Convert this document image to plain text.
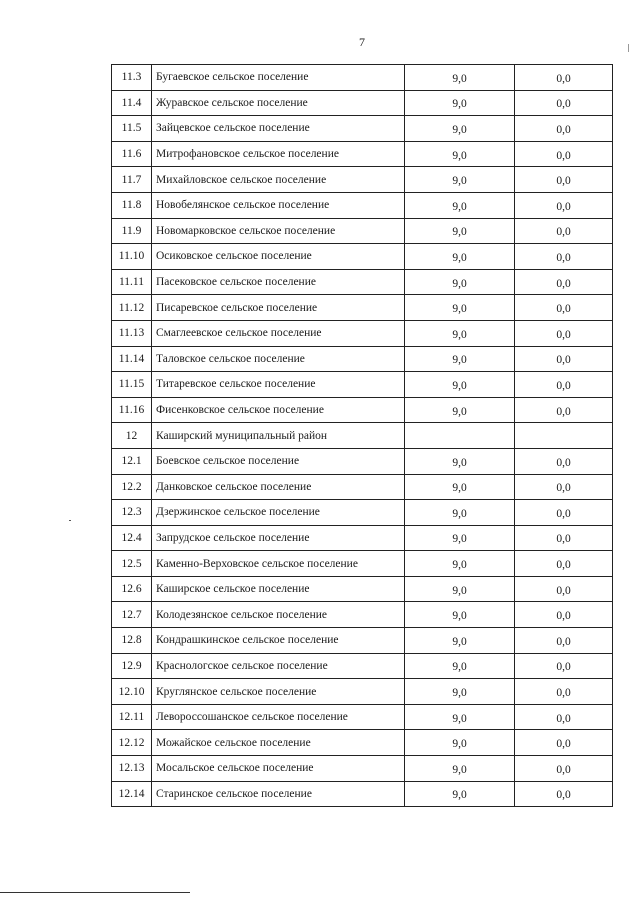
7
11.3	Бугаевское сельское поселение	9,0	0,0
11.4	Журавское сельское поселение	9,0	0,0
11.5	Зайцевское сельское поселение	9,0	0,0
11.6	Митрофановское сельское поселение	9,0	0,0
11.7	Михайловское сельское поселение	9,0	0,0
11.8	Новобелянское сельское поселение	9,0	0,0
11.9	Новомарковское сельское поселение	9,0	0,0
11.10	Осиковское сельское поселение	9,0	0,0
11.11	Пасековское сельское поселение	9,0	0,0
11.12	Писаревское сельское поселение	9,0	0,0
11.13	Смаглеевское сельское поселение	9,0	0,0
11.14	Таловское сельское поселение	9,0	0,0
11.15	Титаревское сельское поселение	9,0	0,0
11.16	Фисенковское сельское поселение	9,0	0,0
12	Каширский муниципальный район		
12.1	Боевское сельское поселение	9,0	0,0
12.2	Данковское сельское поселение	9,0	0,0
12.3	Дзержинское сельское поселение	9,0	0,0
12.4	Запрудское сельское поселение	9,0	0,0
12.5	Каменно-Верховское сельское поселение	9,0	0,0
12.6	Каширское сельское поселение	9,0	0,0
12.7	Колодезянское сельское поселение	9,0	0,0
12.8	Кондрашкинское сельское поселение	9,0	0,0
12.9	Краснологское сельское поселение	9,0	0,0
12.10	Круглянское сельское поселение	9,0	0,0
12.11	Левороссошанское сельское поселение	9,0	0,0
12.12	Можайское сельское поселение	9,0	0,0
12.13	Мосальское сельское поселение	9,0	0,0
12.14	Старинское сельское поселение	9,0	0,0
